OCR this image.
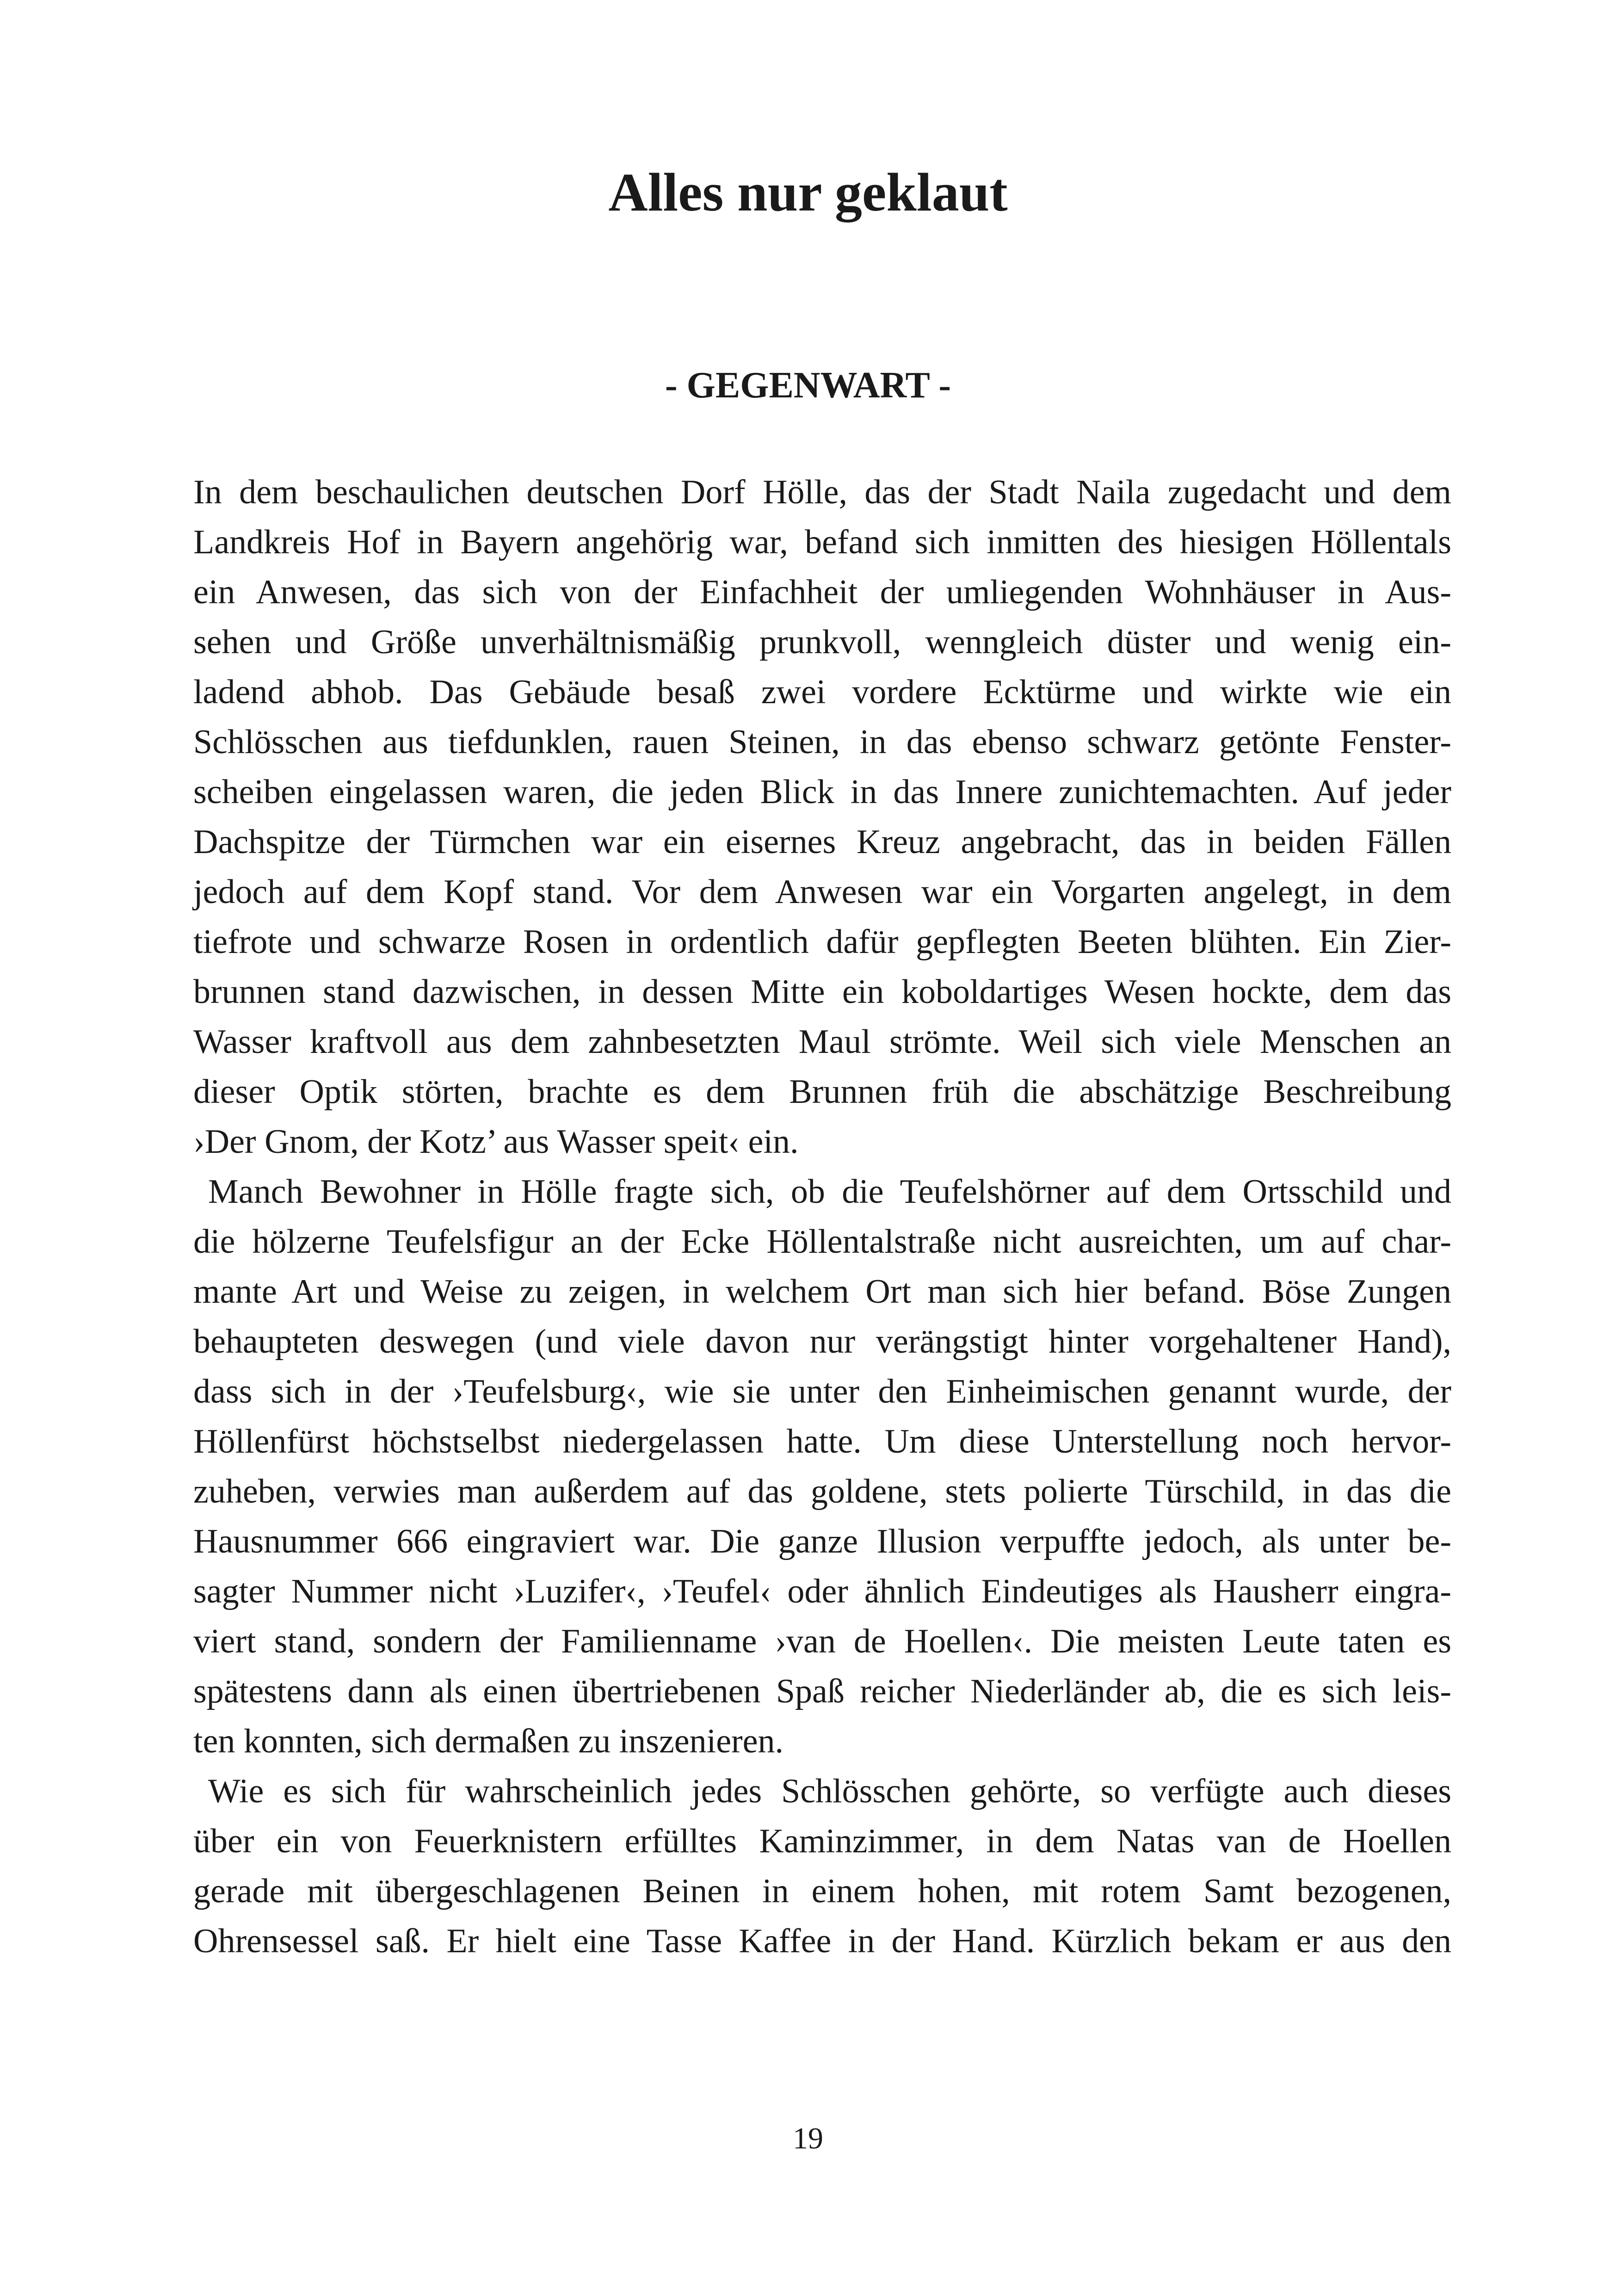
Alles nur geklaut
- GEGENWART -
In dem beschaulichen deutschen Dorf Hölle, das der Stadt Naila zugedacht und dem
Landkreis Hof in Bayern angehörig war, befand sich inmitten des hiesigen Höllentals
ein Anwesen, das sich von der Einfachheit der umliegenden Wohnhäuser in Aus-
sehen und Größe unverhältnismäßig prunkvoll, wenngleich düster und wenig ein-
ladend abhob. Das Gebäude besaß zwei vordere Ecktürme und wirkte wie ein
Schlösschen aus tiefdunklen, rauen Steinen, in das ebenso schwarz getönte Fenster-
scheiben eingelassen waren, die jeden Blick in das Innere zunichtemachten. Auf jeder
Dachspitze der Türmchen war ein eisernes Kreuz angebracht, das in beiden Fällen
jedoch auf dem Kopf stand. Vor dem Anwesen war ein Vorgarten angelegt, in dem
tiefrote und schwarze Rosen in ordentlich dafür gepflegten Beeten blühten. Ein Zier-
brunnen stand dazwischen, in dessen Mitte ein koboldartiges Wesen hockte, dem das
Wasser kraftvoll aus dem zahnbesetzten Maul strömte. Weil sich viele Menschen an
dieser Optik störten, brachte es dem Brunnen früh die abschätzige Beschreibung
›Der Gnom, der Kotz’ aus Wasser speit‹ ein.
Manch Bewohner in Hölle fragte sich, ob die Teufelshörner auf dem Ortsschild und
die hölzerne Teufelsfigur an der Ecke Höllentalstraße nicht ausreichten, um auf char-
mante Art und Weise zu zeigen, in welchem Ort man sich hier befand. Böse Zungen
behaupteten deswegen (und viele davon nur verängstigt hinter vorgehaltener Hand),
dass sich in der ›Teufelsburg‹, wie sie unter den Einheimischen genannt wurde, der
Höllenfürst höchstselbst niedergelassen hatte. Um diese Unterstellung noch hervor-
zuheben, verwies man außerdem auf das goldene, stets polierte Türschild, in das die
Hausnummer 666 eingraviert war. Die ganze Illusion verpuffte jedoch, als unter be-
sagter Nummer nicht ›Luzifer‹, ›Teufel‹ oder ähnlich Eindeutiges als Hausherr eingra-
viert stand, sondern der Familienname ›van de Hoellen‹. Die meisten Leute taten es
spätestens dann als einen übertriebenen Spaß reicher Niederländer ab, die es sich leis-
ten konnten, sich dermaßen zu inszenieren.
Wie es sich für wahrscheinlich jedes Schlösschen gehörte, so verfügte auch dieses
über ein von Feuerknistern erfülltes Kaminzimmer, in dem Natas van de Hoellen
gerade mit übergeschlagenen Beinen in einem hohen, mit rotem Samt bezogenen,
Ohrensessel saß. Er hielt eine Tasse Kaffee in der Hand. Kürzlich bekam er aus den
19
